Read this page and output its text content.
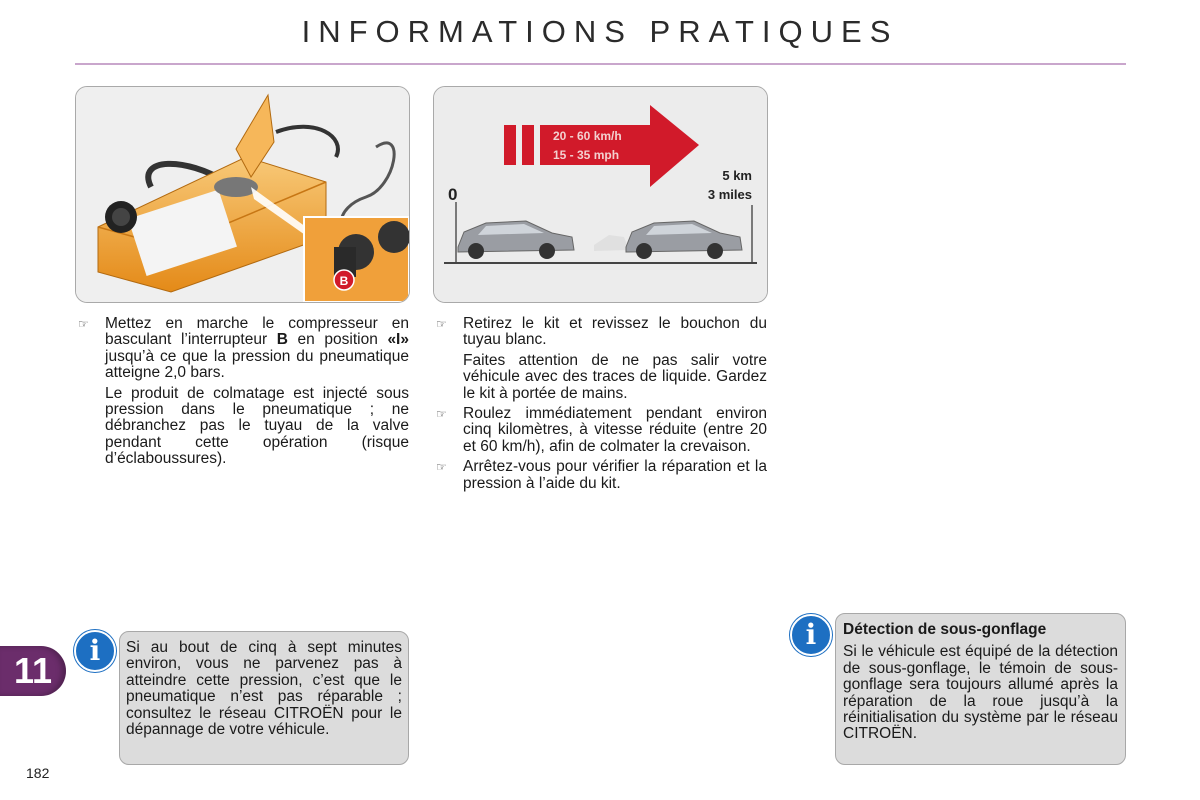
INFORMATIONS PRATIQUES
B
20 - 60 km/h
15 - 35 mph
0
5 km
3 miles
☞ Mettez en marche le compresseur en basculant l’interrupteur B en position «I» jusqu’à ce que la pression du pneumatique atteigne 2,0 bars.

Le produit de colmatage est injecté sous pression dans le pneumatique ; ne débranchez pas le tuyau de la valve pendant cette opération (risque d’éclaboussures).

☞ Retirez le kit et revissez le bouchon du tuyau blanc.

Faites attention de ne pas salir votre véhicule avec des traces de liquide. Gardez le kit à portée de mains.

☞ Roulez immédiatement pendant environ cinq kilomètres, à vitesse réduite (entre 20 et 60 km/h), afin de colmater la crevaison.

☞ Arrêtez-vous pour vérifier la réparation et la pression à l’aide du kit.

11
182
i	Si au bout de cinq à sept minutes environ, vous ne parvenez pas à atteindre cette pression, c’est que le pneumatique n’est pas réparable ; consultez le réseau CITROËN pour le dépannage de votre véhicule.
i	Détection de sous-gonflage
Si le véhicule est équipé de la détection de sous-gonflage, le témoin de sous-gonflage sera toujours allumé après la réparation de la roue jusqu’à la réinitialisation du système par le réseau CITROËN.
